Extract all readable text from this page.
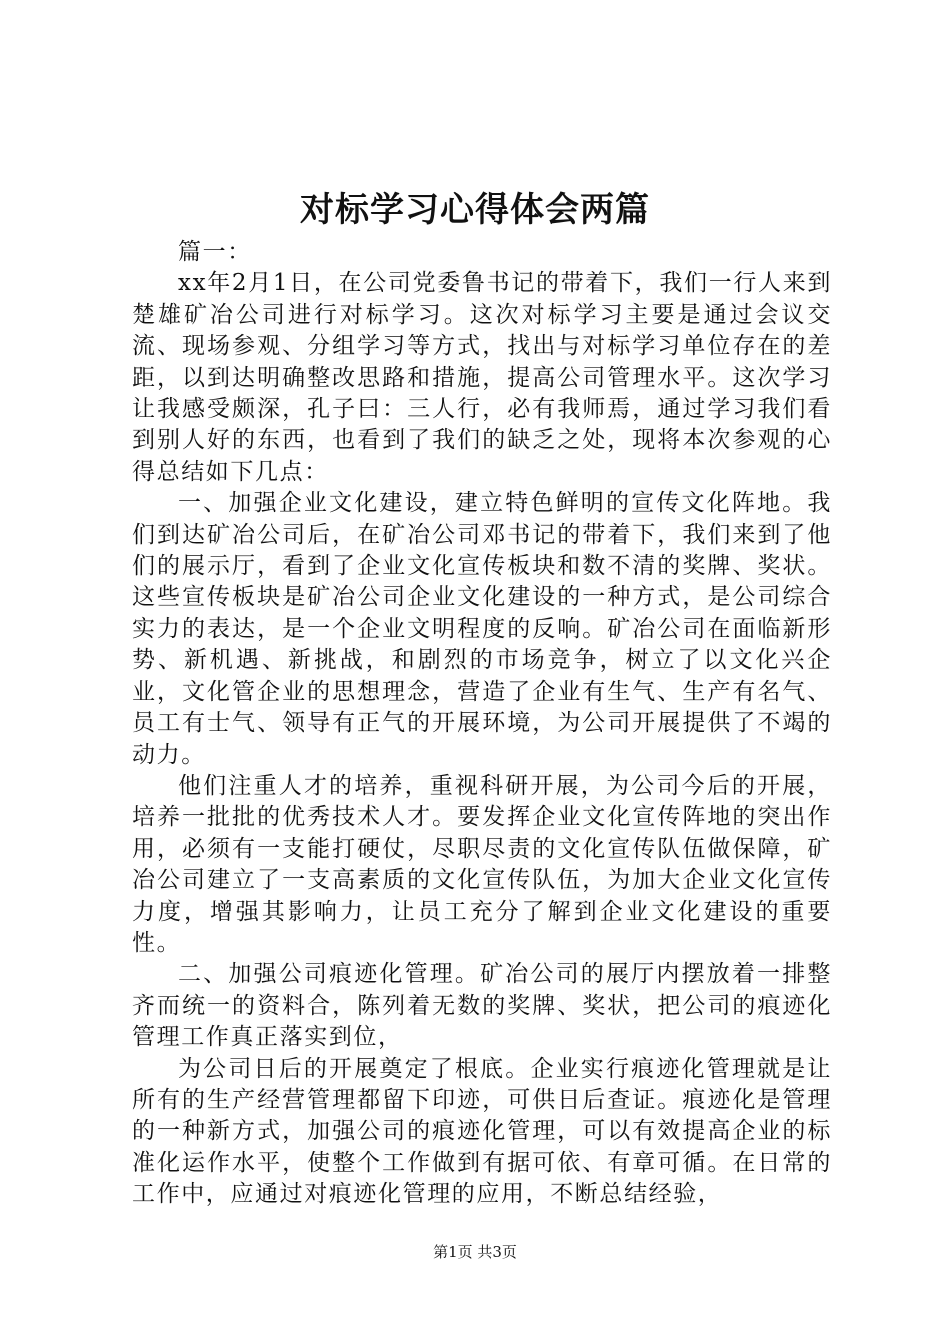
对标学习心得体会两篇

篇一：

xx年2月1日，在公司党委鲁书记的带着下，我们一行人来到楚雄矿冶公司进行对标学习。这次对标学习主要是通过会议交流、现场参观、分组学习等方式，找出与对标学习单位存在的差距，以到达明确整改思路和措施，提高公司管理水平。这次学习让我感受颇深，孔子曰：三人行，必有我师焉，通过学习我们看到别人好的东西，也看到了我们的缺乏之处，现将本次参观的心得总结如下几点：

一、加强企业文化建设，建立特色鲜明的宣传文化阵地。我们到达矿冶公司后，在矿冶公司邓书记的带着下，我们来到了他们的展示厅，看到了企业文化宣传板块和数不清的奖牌、奖状。这些宣传板块是矿冶公司企业文化建设的一种方式，是公司综合实力的表达，是一个企业文明程度的反响。矿冶公司在面临新形势、新机遇、新挑战，和剧烈的市场竞争，树立了以文化兴企业，文化管企业的思想理念，营造了企业有生气、生产有名气、员工有士气、领导有正气的开展环境，为公司开展提供了不竭的动力。

他们注重人才的培养，重视科研开展，为公司今后的开展，培养一批批的优秀技术人才。要发挥企业文化宣传阵地的突出作用，必须有一支能打硬仗，尽职尽责的文化宣传队伍做保障，矿冶公司建立了一支高素质的文化宣传队伍，为加大企业文化宣传力度，增强其影响力，让员工充分了解到企业文化建设的重要性。

二、加强公司痕迹化管理。矿冶公司的展厅内摆放着一排整齐而统一的资料合，陈列着无数的奖牌、奖状，把公司的痕迹化管理工作真正落实到位，

为公司日后的开展奠定了根底。企业实行痕迹化管理就是让所有的生产经营管理都留下印迹，可供日后查证。痕迹化是管理的一种新方式，加强公司的痕迹化管理，可以有效提高企业的标准化运作水平，使整个工作做到有据可依、有章可循。在日常的工作中，应通过对痕迹化管理的应用，不断总结经验，

第1页 共3页
